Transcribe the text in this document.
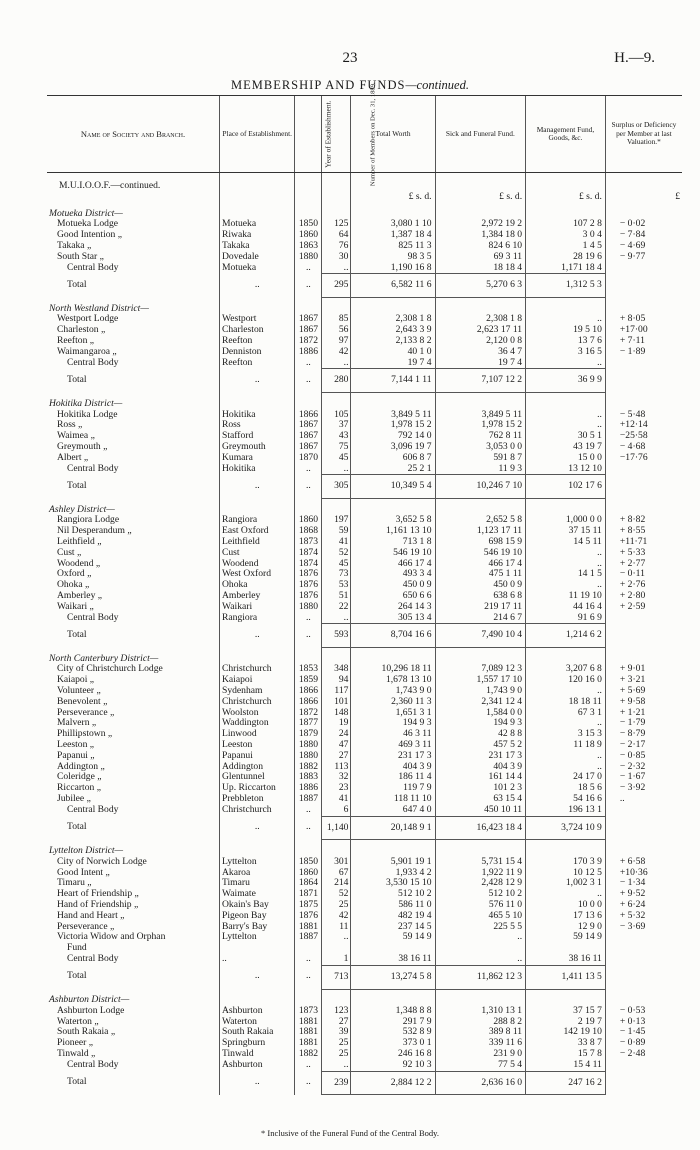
23	H.—9.
MEMBERSHIP AND FUNDS—continued.
Name of Society and Branch.	Place of Establishment.	Year of Establishment.	Number of Members on Dec. 31, 1889.	Total Worth	Sick and Funeral Fund.	Management Fund, Goods, &c.	Surplus or Deficiency per Member at last Valuation.*
M.U.I.O.O.F.—continued.							
				£ s. d.	£ s. d.	£ s. d.	£
Motueka District—							
Motueka Lodge	Motueka	1850	125	3,080 1 10	2,972 19 2	107 2 8	− 0·02
Good Intention „	Riwaka	1860	64	1,387 18 4	1,384 18 0	3 0 4	− 7·84
Takaka „	Takaka	1863	76	825 11 3	824 6 10	1 4 5	− 4·69
South Star „	Dovedale	1880	30	98 3 5	69 3 11	28 19 6	− 9·77
Central Body	Motueka	..	..	1,190 16 8	18 18 4	1,171 18 4	
Total	..	..	295	6,582 11 6	5,270 6 3	1,312 5 3	
North Westland District—							
Westport Lodge	Westport	1867	85	2,308 1 8	2,308 1 8	..	+ 8·05
Charleston „	Charleston	1867	56	2,643 3 9	2,623 17 11	19 5 10	+17·00
Reefton „	Reefton	1872	97	2,133 8 2	2,120 0 8	13 7 6	+ 7·11
Waimangaroa „	Denniston	1886	42	40 1 0	36 4 7	3 16 5	− 1·89
Central Body	Reefton	..	..	19 7 4	19 7 4	..	
Total	..	..	280	7,144 1 11	7,107 12 2	36 9 9	
Hokitika District—							
Hokitika Lodge	Hokitika	1866	105	3,849 5 11	3,849 5 11	..	− 5·48
Ross „	Ross	1867	37	1,978 15 2	1,978 15 2	..	+12·14
Waimea „	Stafford	1867	43	792 14 0	762 8 11	30 5 1	−25·58
Greymouth „	Greymouth	1867	75	3,096 19 7	3,053 0 0	43 19 7	− 4·68
Albert „	Kumara	1870	45	606 8 7	591 8 7	15 0 0	−17·76
Central Body	Hokitika	..	..	25 2 1	11 9 3	13 12 10	
Total	..	..	305	10,349 5 4	10,246 7 10	102 17 6	
Ashley District—							
Rangiora Lodge	Rangiora	1860	197	3,652 5 8	2,652 5 8	1,000 0 0	+ 8·82
Nil Desperandum „	East Oxford	1868	59	1,161 13 10	1,123 17 11	37 15 11	+ 8·55
Leithfield „	Leithfield	1873	41	713 1 8	698 15 9	14 5 11	+11·71
Cust „	Cust	1874	52	546 19 10	546 19 10	..	+ 5·33
Woodend „	Woodend	1874	45	466 17 4	466 17 4	..	+ 2·77
Oxford „	West Oxford	1876	73	493 3 4	475 1 11	14 1 5	− 0·11
Ohoka „	Ohoka	1876	53	450 0 9	450 0 9	..	+ 2·76
Amberley „	Amberley	1876	51	650 6 6	638 6 8	11 19 10	+ 2·80
Waikari „	Waikari	1880	22	264 14 3	219 17 11	44 16 4	+ 2·59
Central Body	Rangiora	..	..	305 13 4	214 6 7	91 6 9	
Total	..	..	593	8,704 16 6	7,490 10 4	1,214 6 2	
North Canterbury District—							
City of Christchurch Lodge	Christchurch	1853	348	10,296 18 11	7,089 12 3	3,207 6 8	+ 9·01
Kaiapoi „	Kaiapoi	1859	94	1,678 13 10	1,557 17 10	120 16 0	+ 3·21
Volunteer „	Sydenham	1866	117	1,743 9 0	1,743 9 0	..	+ 5·69
Benevolent „	Christchurch	1866	101	2,360 11 3	2,341 12 4	18 18 11	+ 9·58
Perseverance „	Woolston	1872	148	1,651 3 1	1,584 0 0	67 3 1	+ 1·21
Malvern „	Waddington	1877	19	194 9 3	194 9 3	..	− 1·79
Phillipstown „	Linwood	1879	24	46 3 11	42 8 8	3 15 3	− 8·79
Leeston „	Leeston	1880	47	469 3 11	457 5 2	11 18 9	− 2·17
Papanui „	Papanui	1880	27	231 17 3	231 17 3	..	− 0·85
Addington „	Addington	1882	113	404 3 9	404 3 9	..	− 2·32
Coleridge „	Glentunnel	1883	32	186 11 4	161 14 4	24 17 0	− 1·67
Riccarton „	Up. Riccarton	1886	23	119 7 9	101 2 3	18 5 6	− 3·92
Jubilee „	Prebbleton	1887	41	118 11 10	63 15 4	54 16 6	..
Central Body	Christchurch	..	6	647 4 0	450 10 11	196 13 1	
Total	..	..	1,140	20,148 9 1	16,423 18 4	3,724 10 9	
Lyttelton District—							
City of Norwich Lodge	Lyttelton	1850	301	5,901 19 1	5,731 15 4	170 3 9	+ 6·58
Good Intent „	Akaroa	1860	67	1,933 4 2	1,922 11 9	10 12 5	+10·36
Timaru „	Timaru	1864	214	3,530 15 10	2,428 12 9	1,002 3 1	− 1·34
Heart of Friendship „	Waimate	1871	52	512 10 2	512 10 2	..	+ 9·52
Hand of Friendship „	Okain's Bay	1875	25	586 11 0	576 11 0	10 0 0	+ 6·24
Hand and Heart „	Pigeon Bay	1876	42	482 19 4	465 5 10	17 13 6	+ 5·32
Perseverance „	Barry's Bay	1881	11	237 14 5	225 5 5	12 9 0	− 3·69
Victoria Widow and Orphan	Lyttelton	1887	..	59 14 9	..	59 14 9	
Fund							
Central Body	..	..	1	38 16 11	..	38 16 11	
Total	..	..	713	13,274 5 8	11,862 12 3	1,411 13 5	
Ashburton District—							
Ashburton Lodge	Ashburton	1873	123	1,348 8 8	1,310 13 1	37 15 7	− 0·53
Waterton „	Waterton	1881	27	291 7 9	288 8 2	2 19 7	+ 0·13
South Rakaia „	South Rakaia	1881	39	532 8 9	389 8 11	142 19 10	− 1·45
Pioneer „	Springburn	1881	25	373 0 1	339 11 6	33 8 7	− 0·89
Tinwald „	Tinwald	1882	25	246 16 8	231 9 0	15 7 8	− 2·48
Central Body	Ashburton	..	..	92 10 3	77 5 4	15 4 11	
Total	..	..	239	2,884 12 2	2,636 16 0	247 16 2	
* Inclusive of the Funeral Fund of the Central Body.
